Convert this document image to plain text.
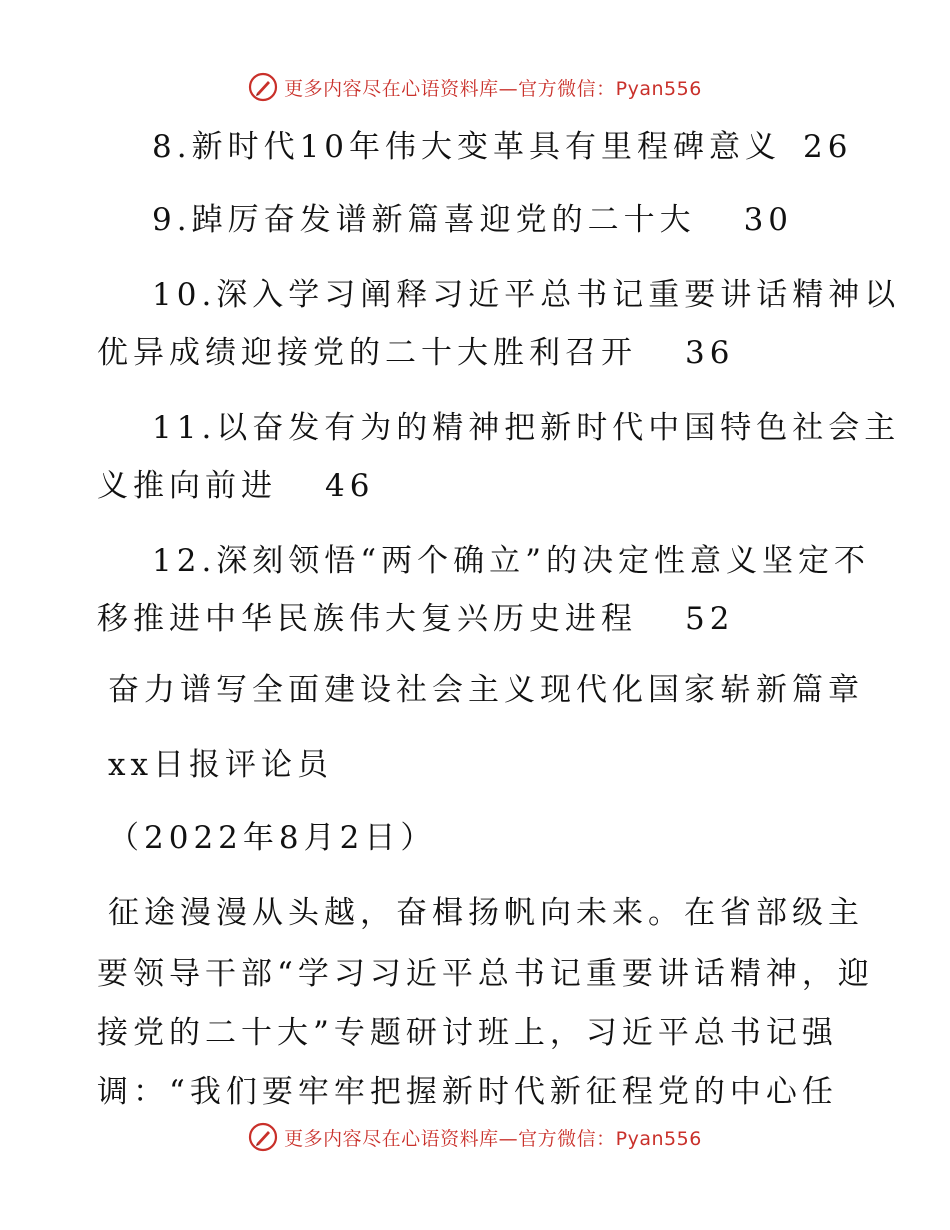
更多内容尽在心语资料库—官方微信：Pyan556
8.新时代10年伟大变革具有里程碑意义 26
9.踔厉奋发谱新篇喜迎党的二十大 30
10.深入学习阐释习近平总书记重要讲话精神以
优异成绩迎接党的二十大胜利召开 36
11.以奋发有为的精神把新时代中国特色社会主
义推向前进 46
12.深刻领悟“两个确立”的决定性意义坚定不
移推进中华民族伟大复兴历史进程 52
奋力谱写全面建设社会主义现代化国家崭新篇章
xx日报评论员
（2022年8月2日）
征途漫漫从头越，奋楫扬帆向未来。在省部级主
要领导干部“学习习近平总书记重要讲话精神，迎
接党的二十大”专题研讨班上，习近平总书记强
调：“我们要牢牢把握新时代新征程党的中心任
更多内容尽在心语资料库—官方微信：Pyan556
